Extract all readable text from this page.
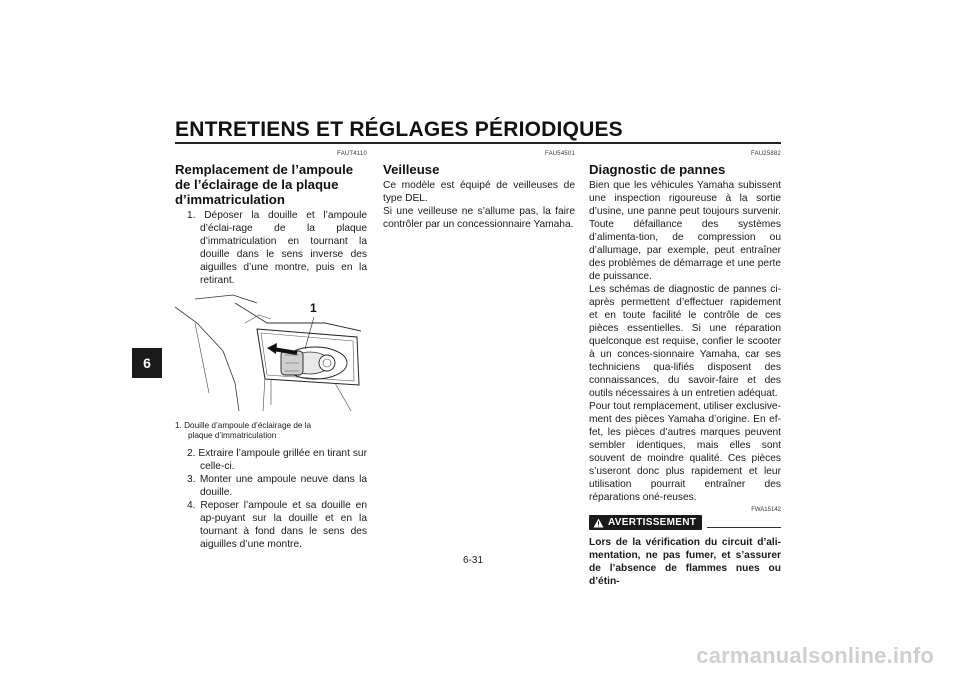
ENTRETIENS ET RÉGLAGES PÉRIODIQUES
6
FAUT4110
Remplacement de l’ampoule de l’éclairage de la plaque d’immatriculation
1. Déposer la douille et l’ampoule d’éclai-rage de la plaque d’immatriculation en tournant la douille dans le sens inverse des aiguilles d’une montre, puis en la retirant.
1
1. Douille d’ampoule d’éclairage de la
plaque d’immatriculation
2. Extraire l’ampoule grillée en tirant sur celle-ci.
3. Monter une ampoule neuve dans la douille.
4. Reposer l’ampoule et sa douille en ap-puyant sur la douille et en la tournant à fond dans le sens des aiguilles d’une montre.
FAU54501
Veilleuse

Ce modèle est équipé de veilleuses de type DEL.

Si une veilleuse ne s’allume pas, la faire contrôler par un concessionnaire Yamaha.

FAU25882
Diagnostic de pannes

Bien que les véhicules Yamaha subissent une inspection rigoureuse à la sortie d’usine, une panne peut toujours survenir. Toute défaillance des systèmes d’alimenta-tion, de compression ou d’allumage, par exemple, peut entraîner des problèmes de démarrage et une perte de puissance.

Les schémas de diagnostic de pannes ci-après permettent d’effectuer rapidement et en toute facilité le contrôle de ces pièces essentielles. Si une réparation quelconque est requise, confier le scooter à un conces-sionnaire Yamaha, car ses techniciens qua-lifiés disposent des connaissances, du savoir-faire et des outils nécessaires à un entretien adéquat.

Pour tout remplacement, utiliser exclusive-ment des pièces Yamaha d’origine. En ef-fet, les pièces d’autres marques peuvent sembler identiques, mais elles sont souvent de moindre qualité. Ces pièces s’useront donc plus rapidement et leur utilisation pourrait entraîner des réparations oné-reuses.

FWA15142
AVERTISSEMENT

Lors de la vérification du circuit d’ali-mentation, ne pas fumer, et s’assurer de l’absence de flammes nues ou d’étin-

6-31
carmanualsonline.info
